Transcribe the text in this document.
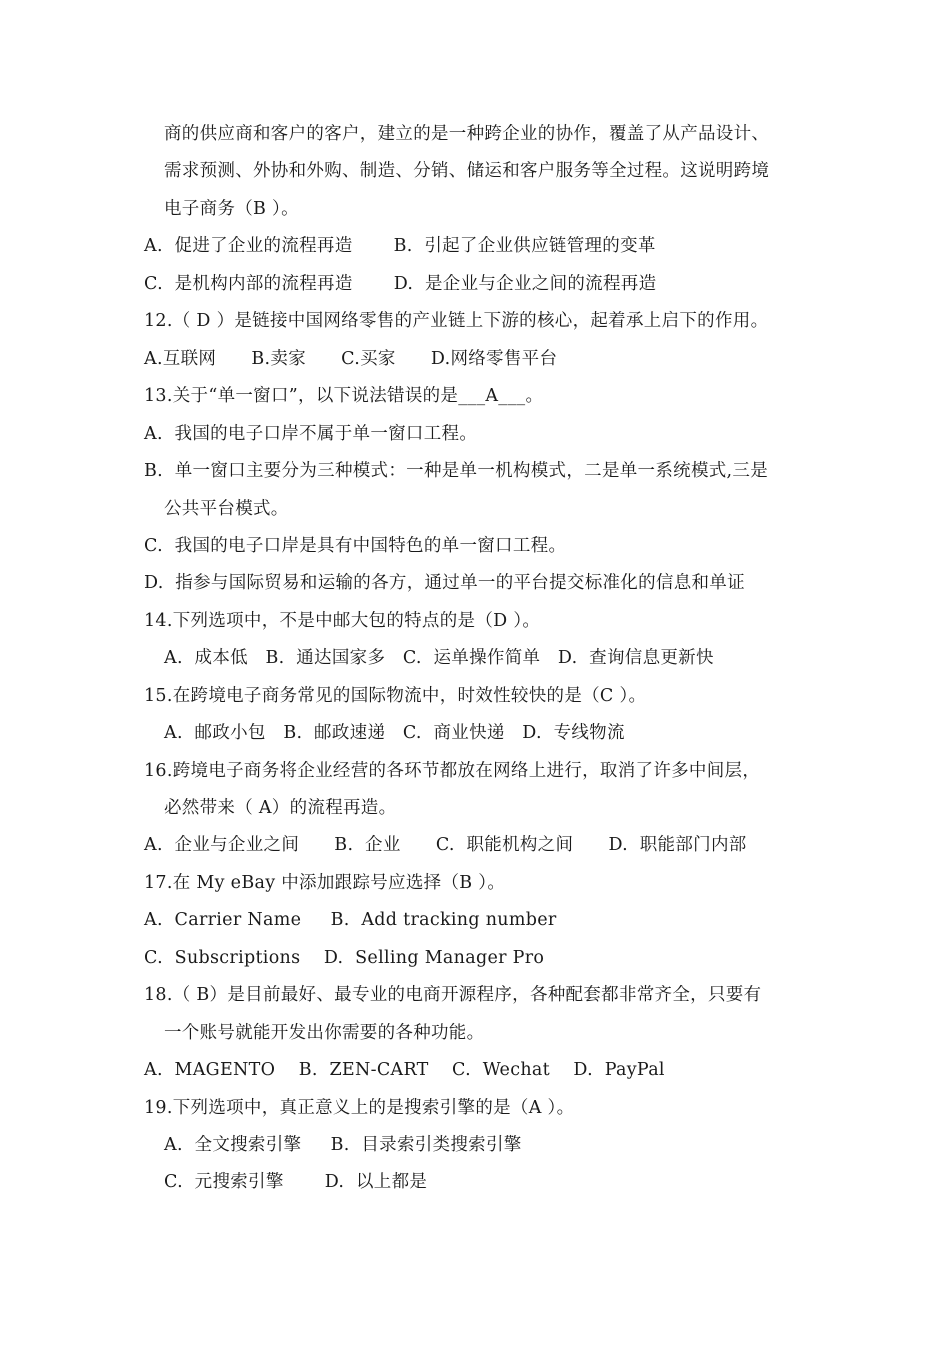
商的供应商和客户的客户，建立的是一种跨企业的协作，覆盖了从产品设计、
需求预测、外协和外购、制造、分销、储运和客户服务等全过程。这说明跨境
电子商务（B ）。
A.  促进了企业的流程再造       B.  引起了企业供应链管理的变革
C.  是机构内部的流程再造       D.  是企业与企业之间的流程再造
12.（ D ）是链接中国网络零售的产业链上下游的核心，起着承上启下的作用。
A.互联网      B.卖家      C.买家      D.网络零售平台
13.关于“单一窗口”，以下说法错误的是___A___。
A.  我国的电子口岸不属于单一窗口工程。
B.  单一窗口主要分为三种模式：一种是单一机构模式，二是单一系统模式,三是
公共平台模式。
C.  我国的电子口岸是具有中国特色的单一窗口工程。
D.  指参与国际贸易和运输的各方，通过单一的平台提交标准化的信息和单证
14.下列选项中，不是中邮大包的特点的是（D ）。
A.  成本低   B.  通达国家多   C.  运单操作简单   D.  查询信息更新快
15.在跨境电子商务常见的国际物流中，时效性较快的是（C ）。
A.  邮政小包   B.  邮政速递   C.  商业快递   D.  专线物流
16.跨境电子商务将企业经营的各环节都放在网络上进行，取消了许多中间层，
必然带来（ A）的流程再造。
A.  企业与企业之间      B.  企业      C.  职能机构之间      D.  职能部门内部
17.在 My eBay 中添加跟踪号应选择（B ）。
A.  Carrier Name     B.  Add tracking number
C.  Subscriptions    D.  Selling Manager Pro
18.（ B）是目前最好、最专业的电商开源程序，各种配套都非常齐全，只要有
一个账号就能开发出你需要的各种功能。
A.  MAGENTO    B.  ZEN-CART    C.  Wechat    D.  PayPal
19.下列选项中，真正意义上的是搜索引擎的是（A ）。
A.  全文搜索引擎     B.  目录索引类搜索引擎
C.  元搜索引擎       D.  以上都是
